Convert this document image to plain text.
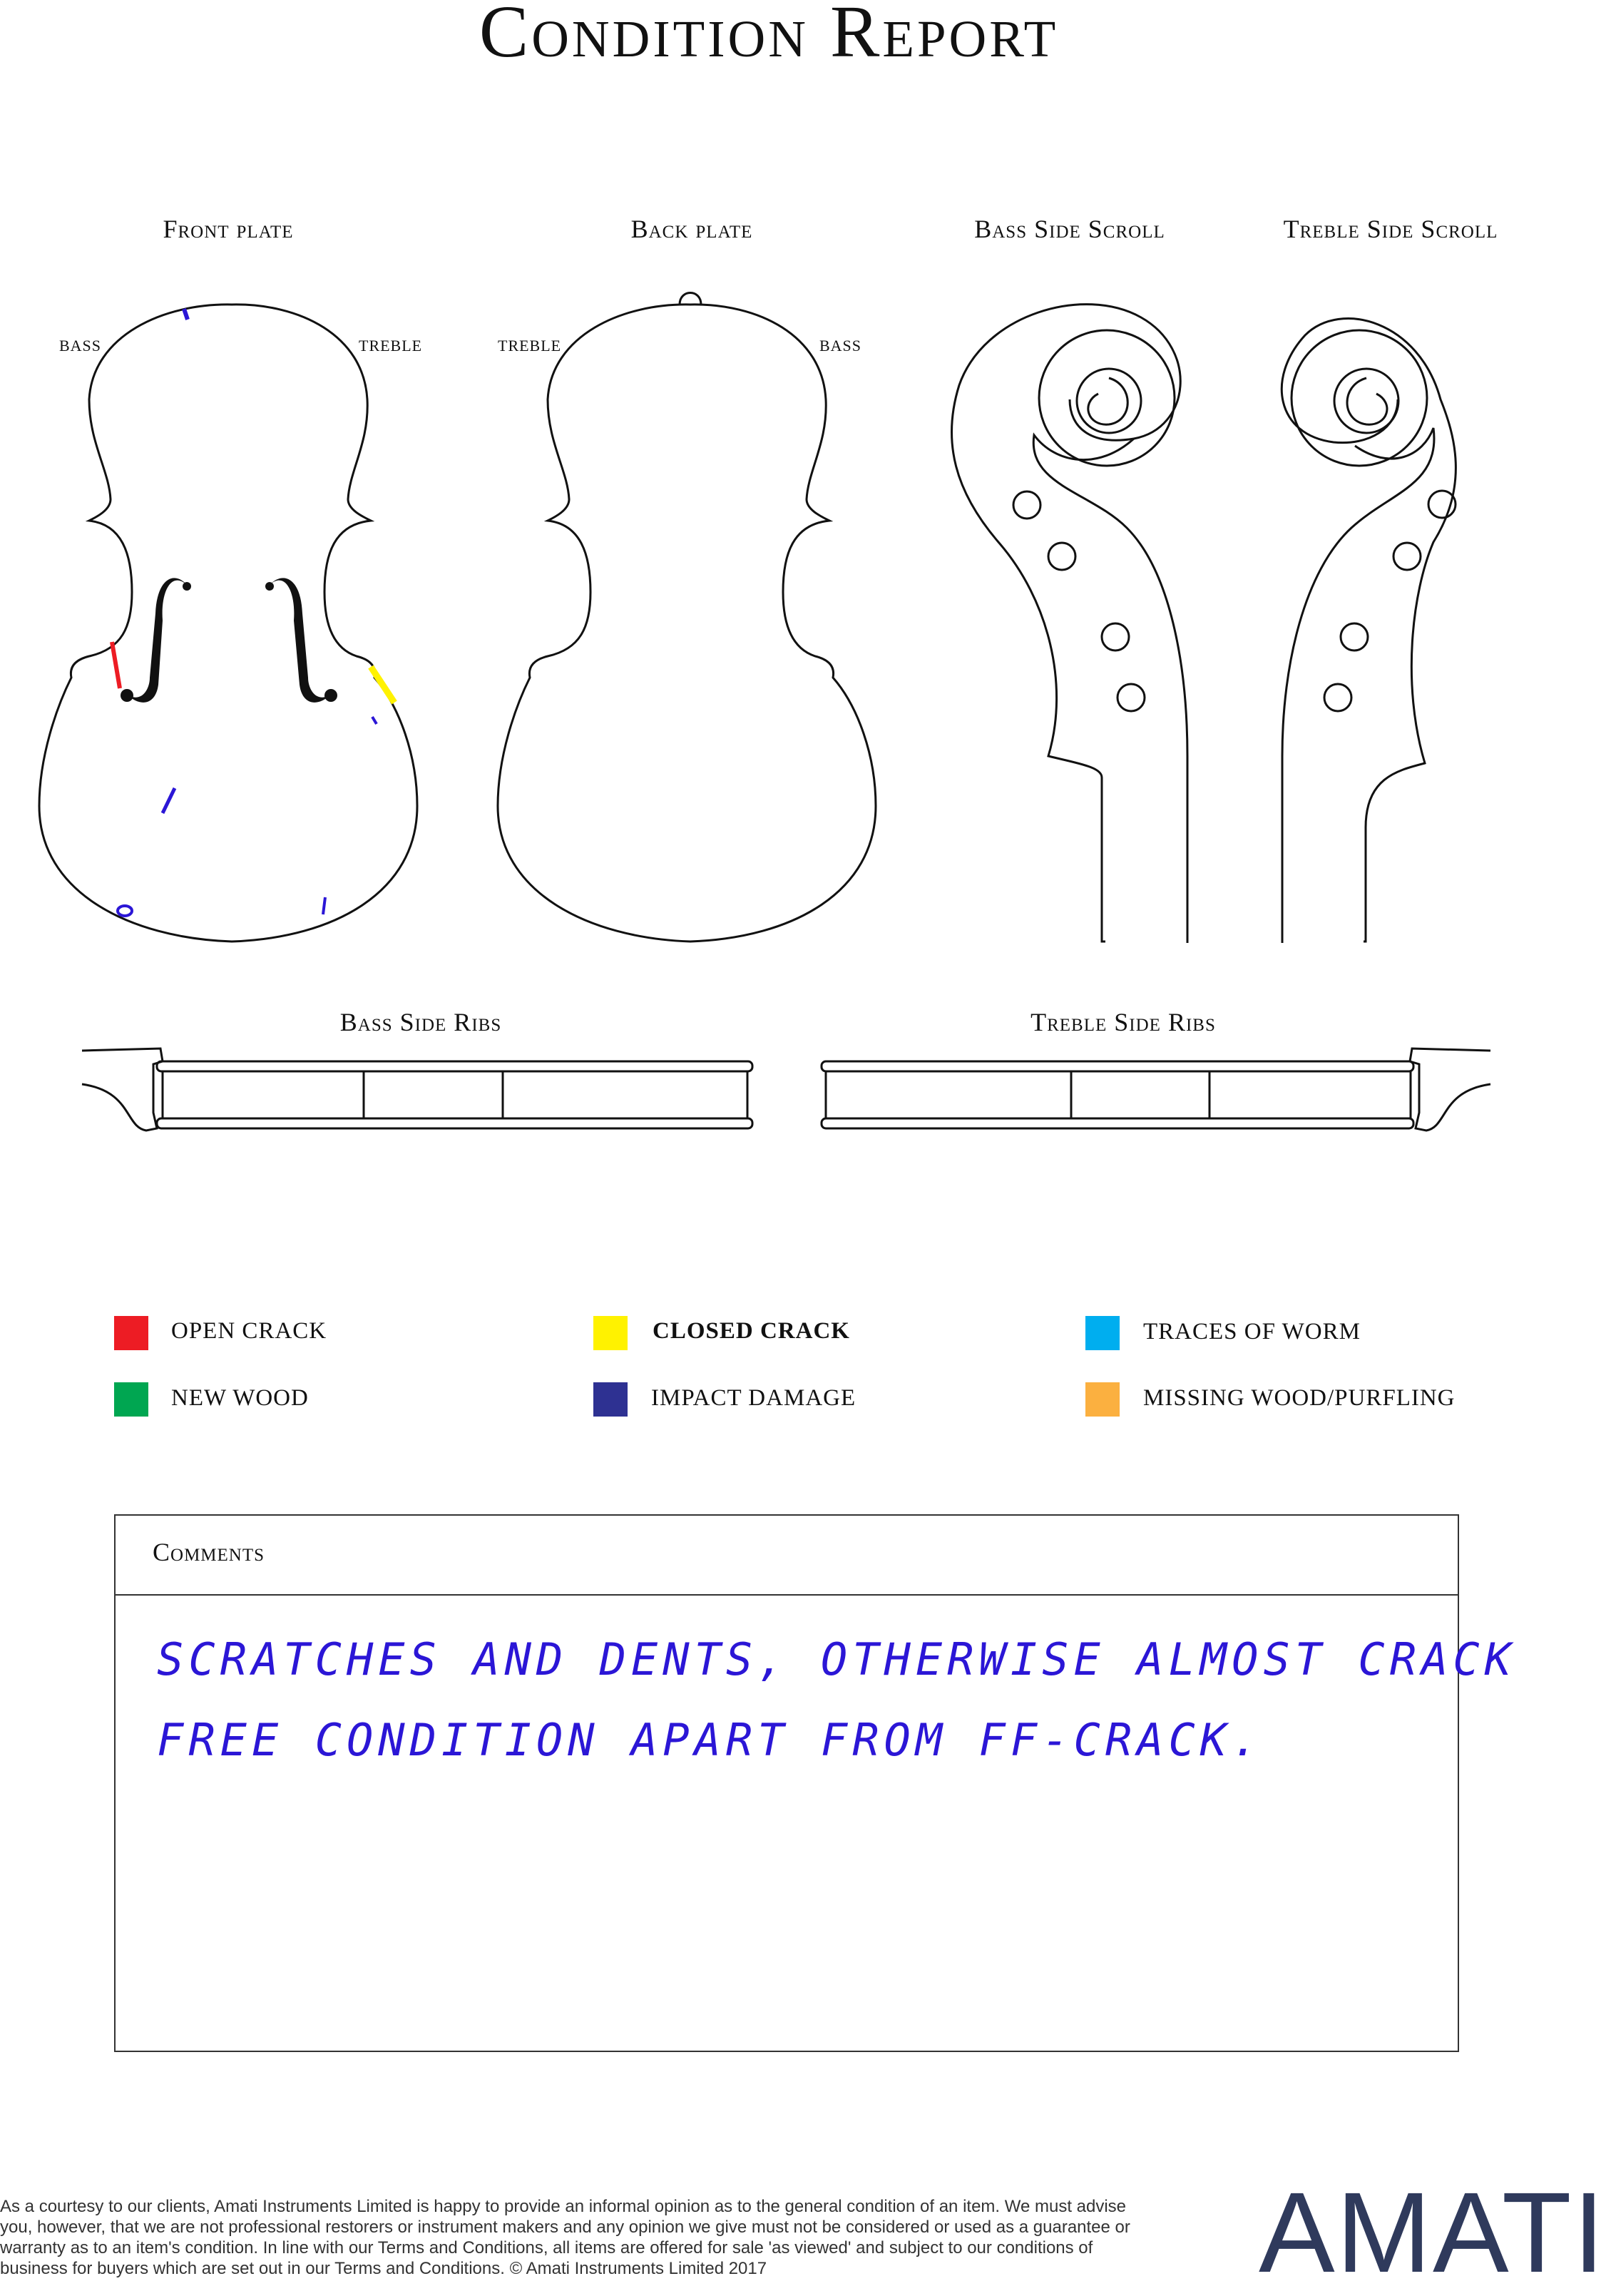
Condition Report
Front plate	Back plate	Bass Side Scroll	Treble Side Scroll
Bass Side Ribs	Treble Side Ribs
BASS	TREBLE	TREBLE	BASS
OPEN CRACK	CLOSED CRACK	TRACES OF WORM
NEW WOOD	IMPACT DAMAGE	MISSING WOOD/PURFLING
Comments
SCRATCHES AND DENTS, OTHERWISE ALMOST CRACK
FREE CONDITION APART FROM FF-CRACK.
As a courtesy to our clients, Amati Instruments Limited is happy to provide an informal opinion as to the general condition of an item. We must advise you, however, that we are not professional restorers or instrument makers and any opinion we give must not be considered or used as a guarantee or warranty as to an item's condition. In line with our Terms and Conditions, all items are offered for sale 'as viewed' and subject to our conditions of business for buyers which are set out in our Terms and Conditions. © Amati Instruments Limited 2017	AMATI
